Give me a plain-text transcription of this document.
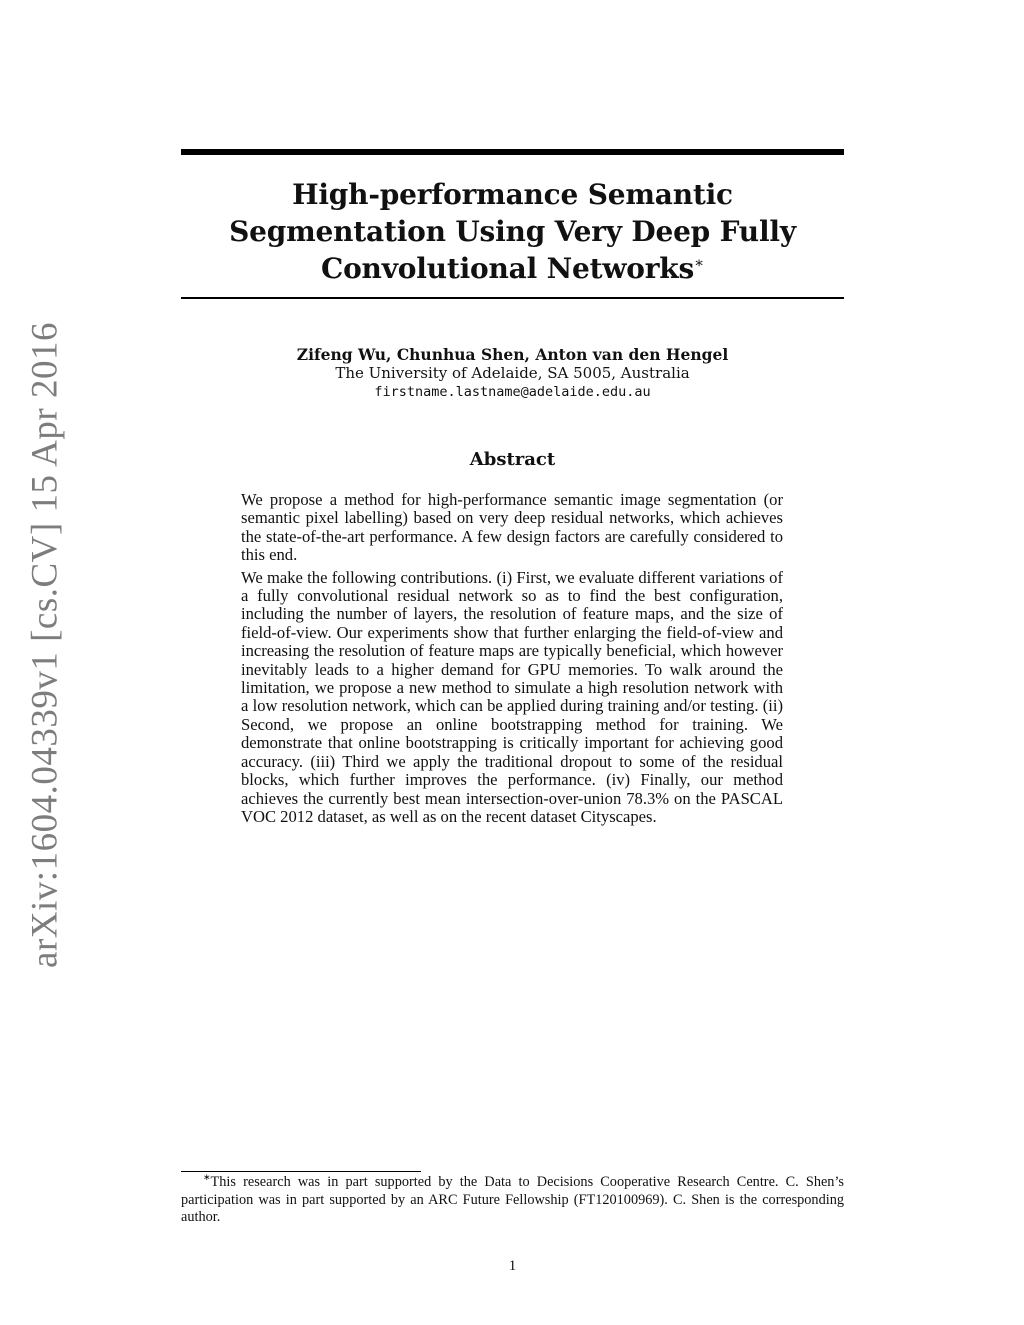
arXiv:1604.04339v1 [cs.CV] 15 Apr 2016
High-performance Semantic Segmentation Using Very Deep Fully Convolutional Networks∗
Zifeng Wu, Chunhua Shen, Anton van den Hengel
The University of Adelaide, SA 5005, Australia
firstname.lastname@adelaide.edu.au
Abstract

We propose a method for high-performance semantic image segmentation (or semantic pixel labelling) based on very deep residual networks, which achieves the state-of-the-art performance. A few design factors are carefully considered to this end.

We make the following contributions. (i) First, we evaluate different variations of a fully convolutional residual network so as to find the best configuration, including the number of layers, the resolution of feature maps, and the size of field-of-view. Our experiments show that further enlarging the field-of-view and increasing the resolution of feature maps are typically beneficial, which however inevitably leads to a higher demand for GPU memories. To walk around the limitation, we propose a new method to simulate a high resolution network with a low resolution network, which can be applied during training and/or testing. (ii) Second, we propose an online bootstrapping method for training. We demonstrate that online bootstrapping is critically important for achieving good accuracy. (iii) Third we apply the traditional dropout to some of the residual blocks, which further improves the performance. (iv) Finally, our method achieves the currently best mean intersection-over-union 78.3% on the PASCAL VOC 2012 dataset, as well as on the recent dataset Cityscapes.

∗This research was in part supported by the Data to Decisions Cooperative Research Centre. C. Shen’s participation was in part supported by an ARC Future Fellowship (FT120100969). C. Shen is the corresponding author.
1
